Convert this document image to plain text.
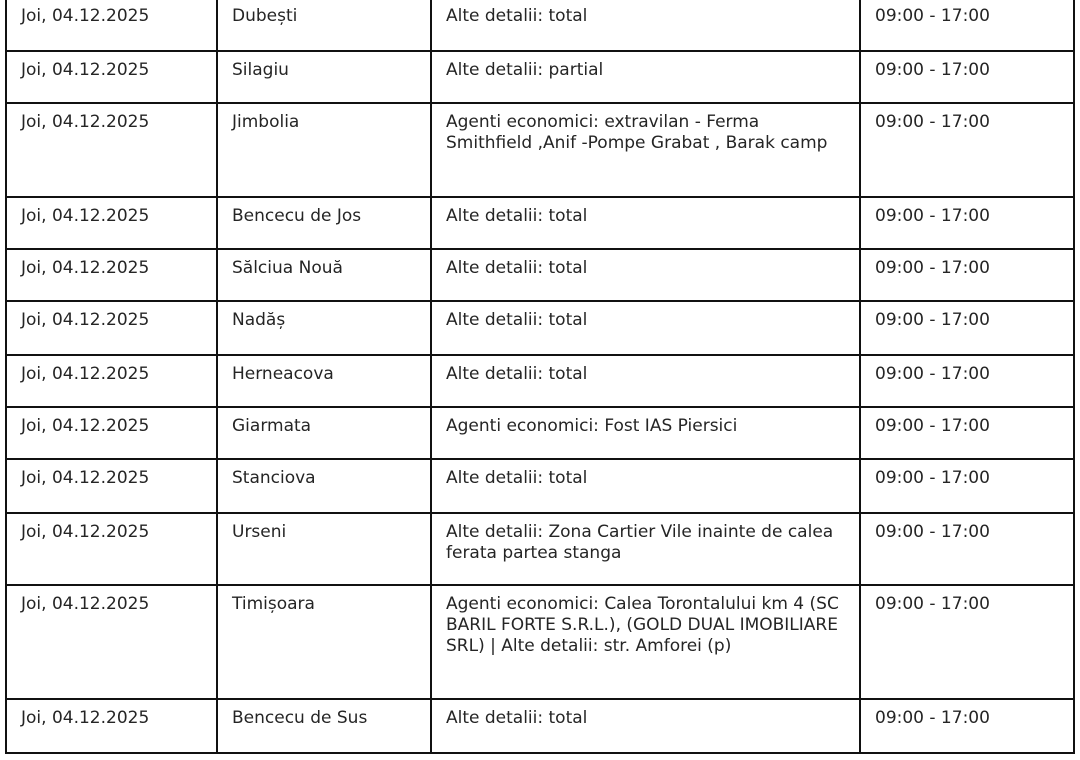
Joi, 04.12.2025	Dubești	Alte detalii: total	09:00 - 17:00
Joi, 04.12.2025	Silagiu	Alte detalii: partial	09:00 - 17:00
Joi, 04.12.2025	Jimbolia	Agenti economici: extravilan - Ferma Smithfield ,Anif -Pompe Grabat , Barak camp	09:00 - 17:00
Joi, 04.12.2025	Bencecu de Jos	Alte detalii: total	09:00 - 17:00
Joi, 04.12.2025	Sălciua Nouă	Alte detalii: total	09:00 - 17:00
Joi, 04.12.2025	Nadăș	Alte detalii: total	09:00 - 17:00
Joi, 04.12.2025	Herneacova	Alte detalii: total	09:00 - 17:00
Joi, 04.12.2025	Giarmata	Agenti economici: Fost IAS Piersici	09:00 - 17:00
Joi, 04.12.2025	Stanciova	Alte detalii: total	09:00 - 17:00
Joi, 04.12.2025	Urseni	Alte detalii: Zona Cartier Vile inainte de calea ferata partea stanga	09:00 - 17:00
Joi, 04.12.2025	Timișoara	Agenti economici: Calea Torontalului km 4 (SC BARIL FORTE S.R.L.), (GOLD DUAL IMOBILIARE SRL) | Alte detalii: str. Amforei (p)	09:00 - 17:00
Joi, 04.12.2025	Bencecu de Sus	Alte detalii: total	09:00 - 17:00
